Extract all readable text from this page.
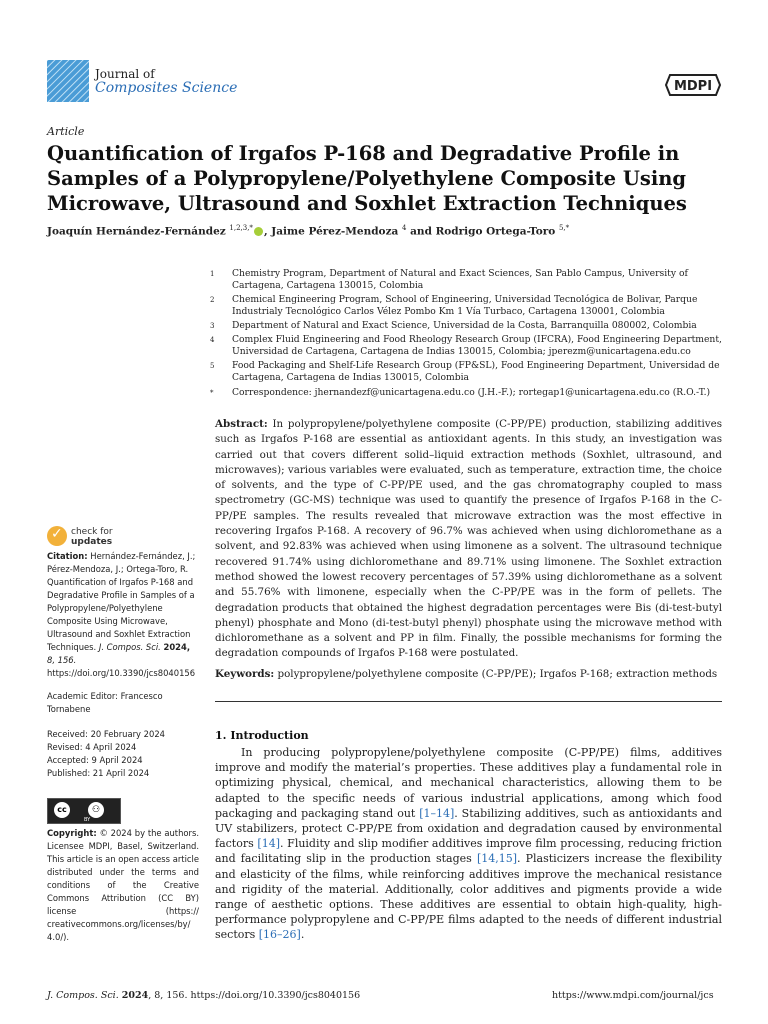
Journal of
Composites Science	MDPI
Article
Quantification of Irgafos P-168 and Degradative Profile in Samples of a Polypropylene/Polyethylene Composite Using Microwave, Ultrasound and Soxhlet Extraction Techniques
Joaquín Hernández-Fernández $^{1,2,3,*}$ , Jaime Pérez-Mendoza $^4$ and Rodrigo Ortega-Toro $^{5,*}$
1 Chemistry Program, Department of Natural and Exact Sciences, San Pablo Campus, University of Cartagena, Cartagena 130015, Colombia
2 Chemical Engineering Program, School of Engineering, Universidad Tecnológica de Bolivar, Parque Industrialy Tecnológico Carlos Vélez Pombo Km 1 Vía Turbaco, Cartagena 130001, Colombia
3 Department of Natural and Exact Science, Universidad de la Costa, Barranquilla 080002, Colombia
4 Complex Fluid Engineering and Food Rheology Research Group (IFCRA), Food Engineering Department, Universidad de Cartagena, Cartagena de Indias 130015, Colombia; jperezm@unicartagena.edu.co
5 Food Packaging and Shelf-Life Research Group (FP&SL), Food Engineering Department, Universidad de Cartagena, Cartagena de Indias 130015, Colombia
* Correspondence: jhernandezf@unicartagena.edu.co (J.H.-F.); rortegap1@unicartagena.edu.co (R.O.-T.)
Abstract: In polypropylene/polyethylene composite (C-PP/PE) production, stabilizing additives such as Irgafos P-168 are essential as antioxidant agents. In this study, an investigation was carried out that covers different solid–liquid extraction methods (Soxhlet, ultrasound, and microwaves); various variables were evaluated, such as temperature, extraction time, the choice of solvents, and the type of C-PP/PE used, and the gas chromatography coupled to mass spectrometry (GC-MS) technique was used to quantify the presence of Irgafos P-168 in the C-PP/PE samples. The results revealed that microwave extraction was the most effective in recovering Irgafos P-168. A recovery of 96.7% was achieved when using dichloromethane as a solvent, and 92.83% was achieved when using limonene as a solvent. The ultrasound technique recovered 91.74% using dichloromethane and 89.71% using limonene. The Soxhlet extraction method showed the lowest recovery percentages of 57.39% using dichloromethane as a solvent and 55.76% with limonene, especially when the C-PP/PE was in the form of pellets. The degradation products that obtained the highest degradation percentages were Bis (di-test-butyl phenyl) phosphate and Mono (di-test-butyl phenyl) phosphate using the microwave method with dichloromethane as a solvent and PP in film. Finally, the possible mechanisms for forming the degradation compounds of Irgafos P-168 were postulated.
Keywords: polypropylene/polyethylene composite (C-PP/PE); Irgafos P-168; extraction methods
1. Introduction
In producing polypropylene/polyethylene composite (C-PP/PE) films, additives improve and modify the material’s properties. These additives play a fundamental role in optimizing physical, chemical, and mechanical characteristics, allowing them to be adapted to the specific needs of various industrial applications, among which food packaging and packaging stand out [1–14]. Stabilizing additives, such as antioxidants and UV stabilizers, protect C-PP/PE from oxidation and degradation caused by environmental factors [14]. Fluidity and slip modifier additives improve film processing, reducing friction and facilitating slip in the production stages [14,15]. Plasticizers increase the flexibility and elasticity of the films, while reinforcing additives improve the mechanical resistance and rigidity of the material. Additionally, color additives and pigments provide a wide range of aesthetic options. These additives are essential to obtain high-quality, high-performance polypropylene and C-PP/PE films adapted to the needs of different industrial sectors [16–26].
✓ check for
updates
Citation: Hernández-Fernández, J.; Pérez-Mendoza, J.; Ortega-Toro, R. Quantification of Irgafos P-168 and Degradative Profile in Samples of a Polypropylene/Polyethylene Composite Using Microwave, Ultrasound and Soxhlet Extraction Techniques. J. Compos. Sci. 2024, 8, 156. https://doi.org/10.3390/jcs8040156
Academic Editor: Francesco
Tornabene
Received: 20 February 2024
Revised: 4 April 2024
Accepted: 9 April 2024
Published: 21 April 2024
cc	⚇
BY
Copyright: © 2024 by the authors. Licensee MDPI, Basel, Switzerland. This article is an open access article distributed under the terms and conditions of the Creative Commons Attribution (CC BY) license (https:// creativecommons.org/licenses/by/ 4.0/).
J. Compos. Sci. 2024, 8, 156. https://doi.org/10.3390/jcs8040156	https://www.mdpi.com/journal/jcs
